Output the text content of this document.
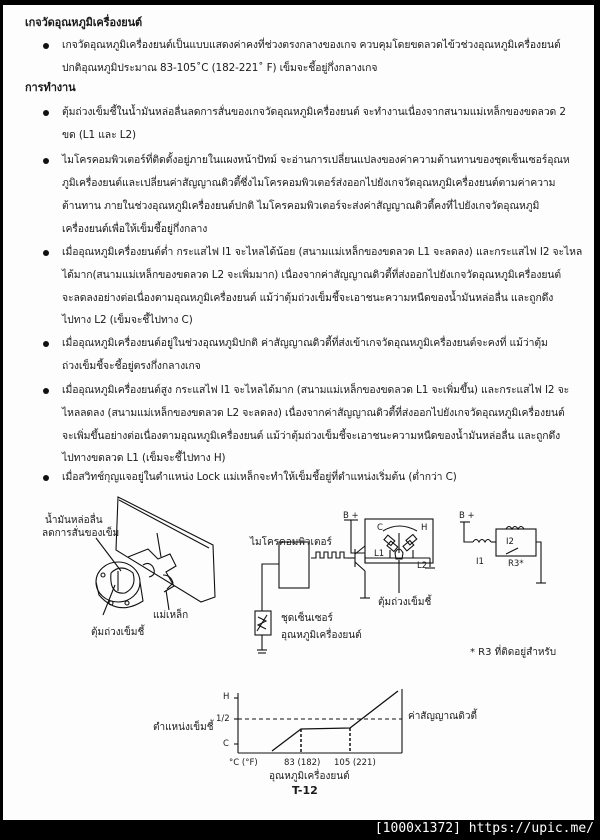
เกจวัดอุณหภูมิเครื่องยนต์
เกจวัดอุณหภูมิเครื่องยนต์เป็นแบบแสดงค่าคงที่ช่วงตรงกลางของเกจ ควบคุมโดยขดลวดไข้วช่วงอุณหภูมิเครื่องยนต์
ปกติอุณหภูมิประมาณ 83-105˚C (182-221˚ F) เข็มจะชี้อยู่กึ่งกลางเกจ
การทำงาน
ตุ้มถ่วงเข็มชี้ในน้ำมันหล่อลื่นลดการสั่นของเกจวัดอุณหภูมิเครื่องยนต์ จะทำงานเนื่องจากสนามแม่เหล็กของขดลวด 2
ขด (L1 และ L2)
ไมโครคอมพิวเตอร์ที่ติดตั้งอยู่ภายในแผงหน้าปัทม์ จะอ่านการเปลี่ยนแปลงของค่าความต้านทานของชุดเซ็นเซอร์อุณห
ภูมิเครื่องยนต์และเปลี่ยนค่าสัญญาณดิวตี้ซึ่งไมโครคอมพิวเตอร์ส่งออกไปยังเกจวัดอุณหภูมิเครื่องยนต์ตามค่าความ
ต้านทาน ภายในช่วงอุณหภูมิเครื่องยนต์ปกติ ไมโครคอมพิวเตอร์จะส่งค่าสัญญาณดิวตี้คงที่ไปยังเกจวัดอุณหภูมิ
เครื่องยนต์เพื่อให้เข็มชี้อยู่กึ่งกลาง
เมื่ออุณหภูมิเครื่องยนต์ต่ำ กระแสไฟ I1 จะไหลได้น้อย (สนามแม่เหล็กของขดลวด L1 จะลดลง) และกระแสไฟ I2 จะไหล
ได้มาก(สนามแม่เหล็กของขดลวด L2 จะเพิ่มมาก) เนื่องจากค่าสัญญาณดิวตี้ที่ส่งออกไปยังเกจวัดอุณหภูมิเครื่องยนต์
จะลดลงอย่างต่อเนื่องตามอุณหภูมิเครื่องยนต์ แม้ว่าตุ้มถ่วงเข็มชี้จะเอาชนะความหนืดของน้ำมันหล่อลื่น และถูกดึง
ไปทาง L2 (เข็มจะชี้ไปทาง C)
เมื่ออุณหภูมิเครื่องยนต์อยู่ในช่วงอุณหภูมิปกติ ค่าสัญญาณดิวตี้ที่ส่งเข้าเกจวัดอุณหภูมิเครื่องยนต์จะคงที่ แม้ว่าตุ้ม
ถ่วงเข็มชี้จะชี้อยู่ตรงกึ่งกลางเกจ
เมื่ออุณหภูมิเครื่องยนต์สูง กระแสไฟ I1 จะไหลได้มาก (สนามแม่เหล็กของขดลวด L1 จะเพิ่มขึ้น) และกระแสไฟ I2 จะ
ไหลลดลง (สนามแม่เหล็กของขดลวด L2 จะลดลง) เนื่องจากค่าสัญญาณดิวตี้ที่ส่งออกไปยังเกจวัดอุณหภูมิเครื่องยนต์
จะเพิ่มขึ้นอย่างต่อเนื่องตามอุณหภูมิเครื่องยนต์ แม้ว่าตุ้มถ่วงเข็มชี้จะเอาชนะความหนืดของน้ำมันหล่อลื่น และถูกดึง
ไปทางขดลวด L1 (เข็มจะชี้ไปทาง H)
เมื่อสวิทช์กุญแจอยู่ในตำแหน่ง Lock แม่เหล็กจะทำให้เข็มชี้อยู่ที่ตำแหน่งเริ่มต้น (ต่ำกว่า C)
น้ำมันหล่อลื่น
ลดการสั่นของเข็ม
แม่เหล็ก
ตุ้มถ่วงเข็มชี้
ไมโครคอมพิวเตอร์
B +
C	H
L1
L2
ตุ้มถ่วงเข็มชี้
ชุดเซ็นเซอร์
อุณหภูมิเครื่องยนต์
B +
I1
I2
R3*
* R3 ที่ติดอยู่สำหรับ
H
1/2
C
ตำแหน่งเข็มชี้
°C (°F)	83 (182) 105 (221)
ค่าสัญญาณดิวตี้
อุณหภูมิเครื่องยนต์
T-12
[1000x1372] https://upic.me/
